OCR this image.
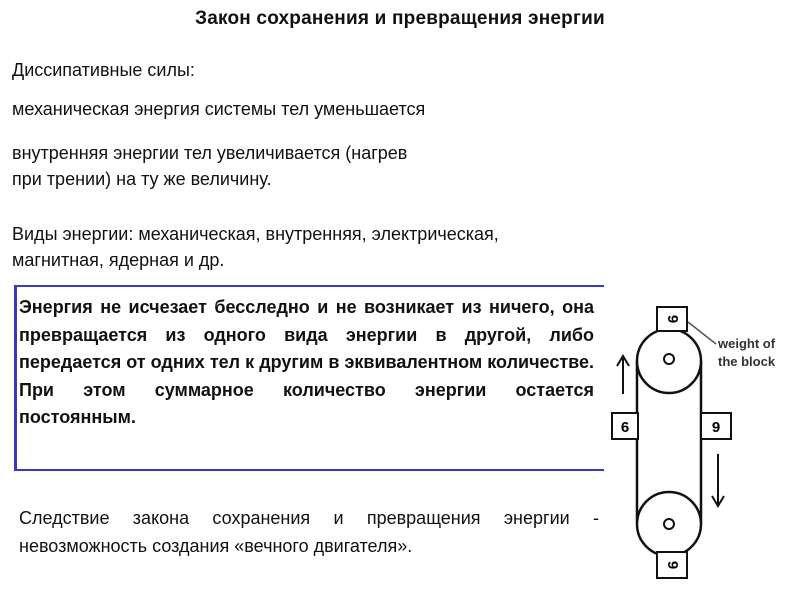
Закон сохранения и превращения энергии
Диссипативные силы:
механическая энергия системы тел уменьшается
внутренняя энергии тел увеличивается (нагрев
при трении) на ту же величину.
Виды энергии: механическая, внутренняя, электрическая,
магнитная, ядерная и др.
Энергия не исчезает бесследно и не возникает из ничего, она превращается из одного вида энергии в другой, либо передается от одних тел к другим в эквивалентном количестве. При этом суммарное количество энергии остается постоянным.
Следствие закона сохранения и превращения энергии - невозможность создания «вечного двигателя».
9
9
6	9
weight of
the block
